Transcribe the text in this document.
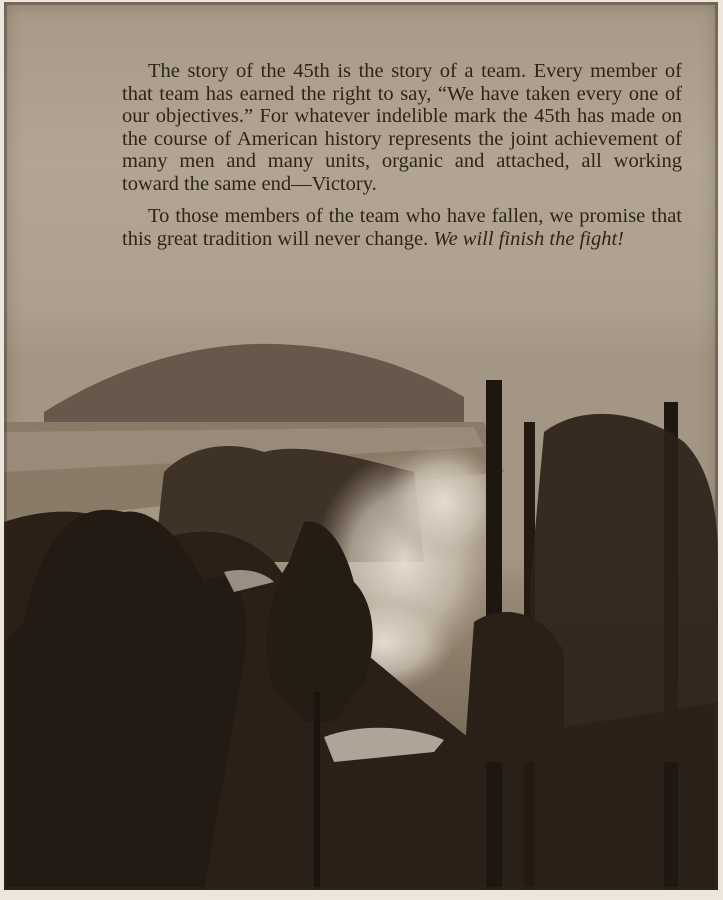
The story of the 45th is the story of a team. Every member of that team has earned the right to say, “We have taken every one of our objectives.” For whatever indelible mark the 45th has made on the course of American history represents the joint achievement of many men and many units, organic and attached, all working toward the same end—Victory.

To those members of the team who have fallen, we promise that this great tradition will never change. We will finish the fight!
